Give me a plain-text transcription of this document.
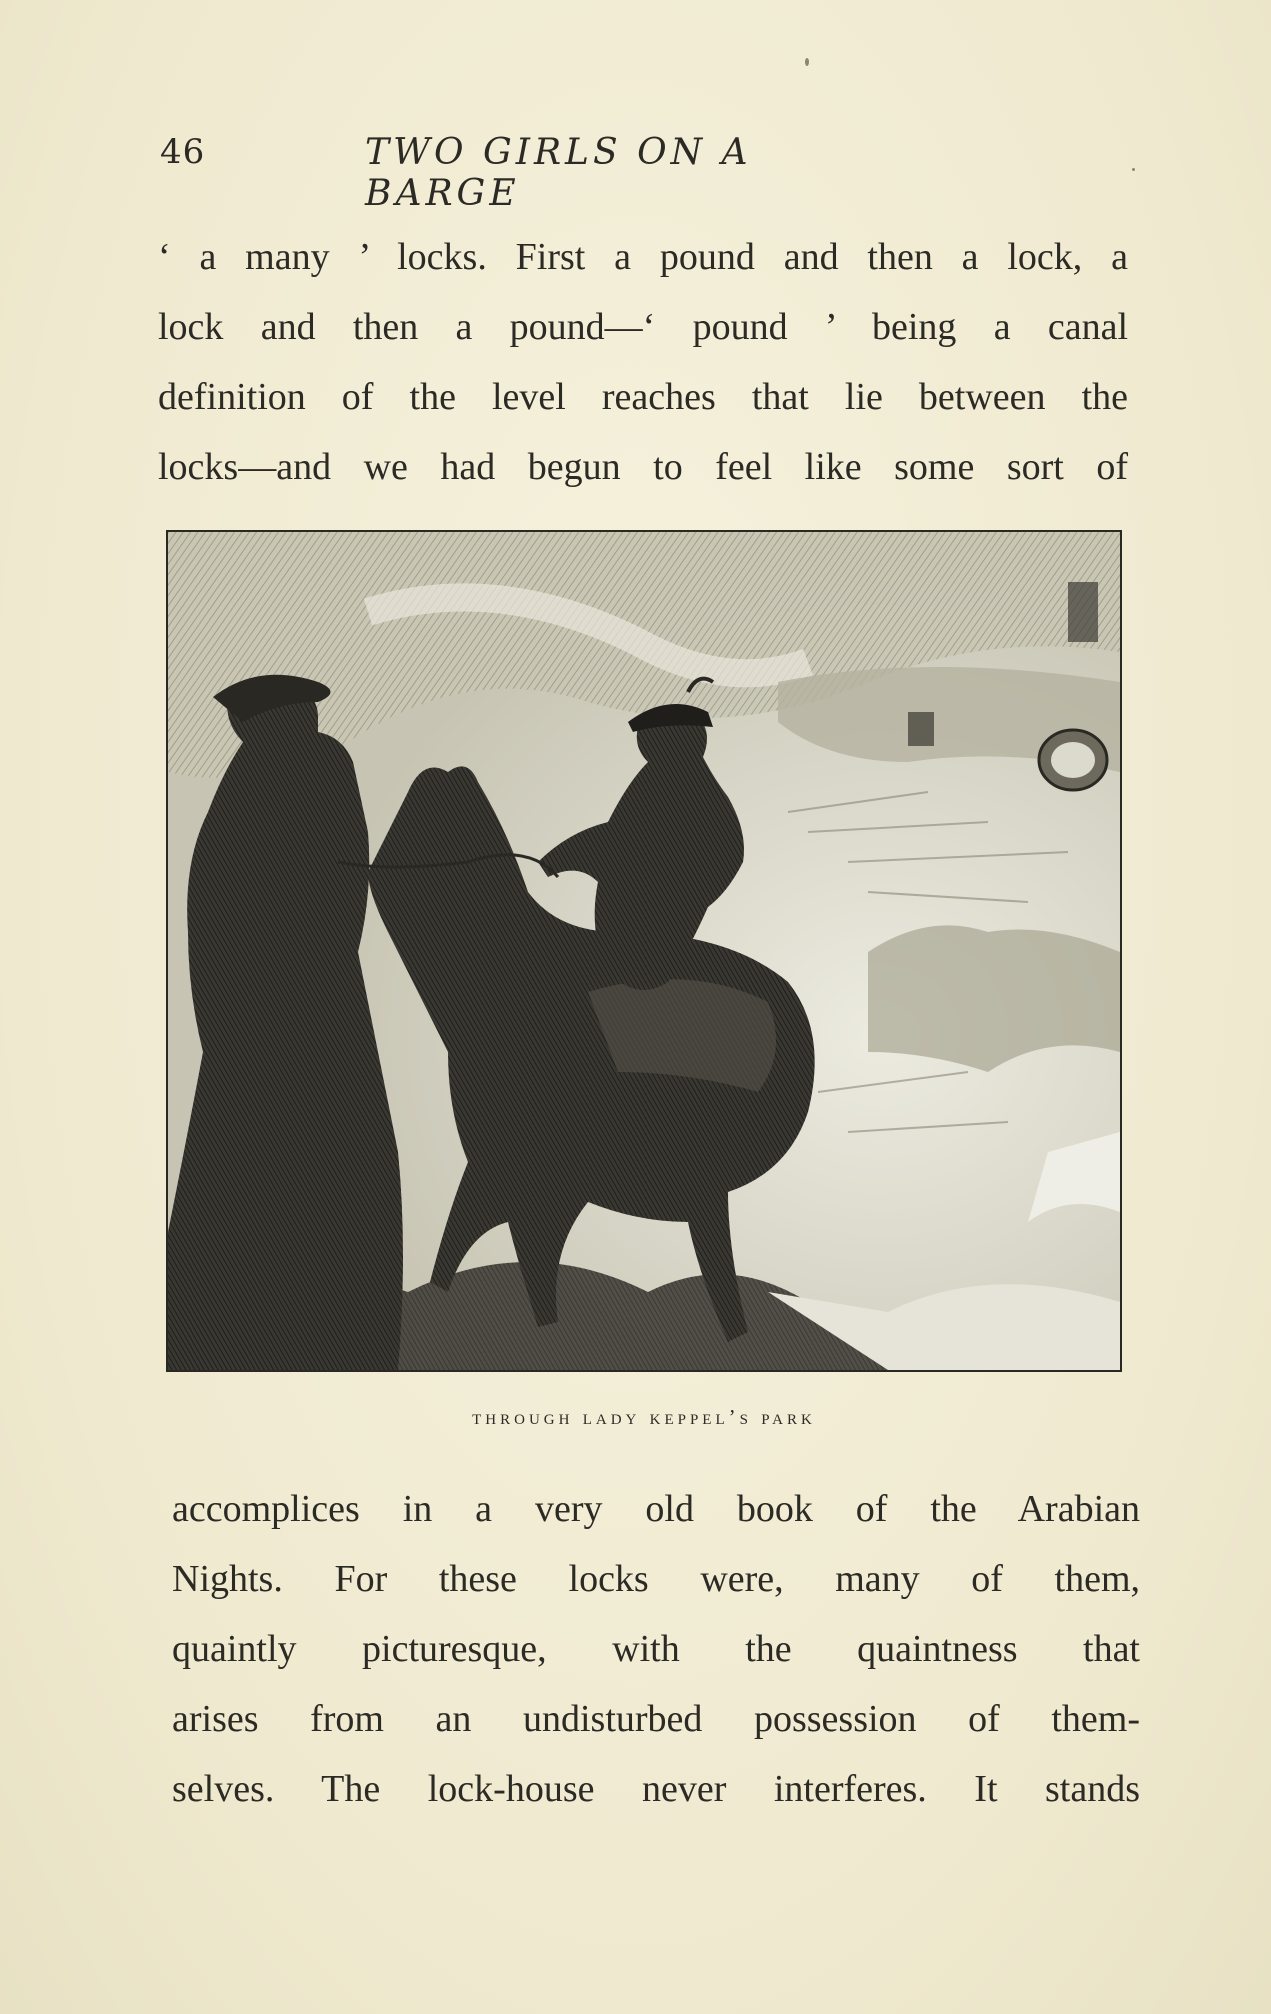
46	TWO GIRLS ON A BARGE
‘ a many ’ locks. First a pound and then a lock, a
lock and then a pound—‘ pound ’ being a canal
definition of the level reaches that lie between the
locks—and we had begun to feel like some sort of
through lady keppel’s park
accomplices in a very old book of the Arabian
Nights. For these locks were, many of them,
quaintly picturesque, with the quaintness that
arises from an undisturbed possession of them-
selves. The lock-house never interferes. It stands
